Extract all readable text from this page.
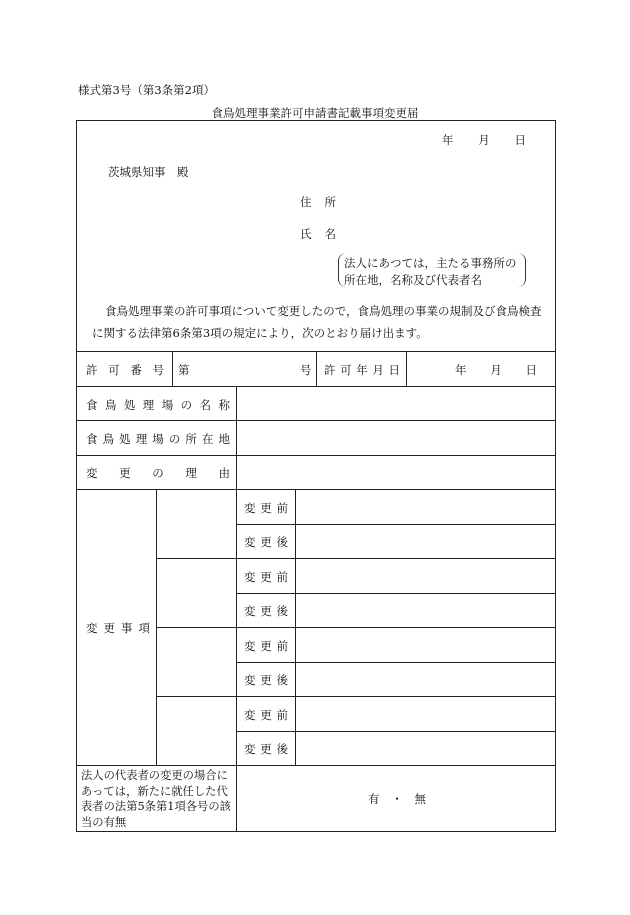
様式第3号（第3条第2項）
食鳥処理事業許可申請書記載事項変更届
年 月 日
茨城県知事　殿
住 所
氏 名
法人にあつては，主たる事務所の
所在地，名称及び代表者名
食鳥処理事業の許可事項について変更したので，食鳥処理の事業の規制及び食鳥検査に関する法律第6条第3項の規定により，次のとおり届け出ます。
許 可 番 号 第	号 許 可 年 月 日	年 月 日
食 鳥 処 理 場 の 名 称
食 鳥 処 理 場 の 所 在 地
変 更 の 理 由
変 更 事 項
変 更 前
変 更 後
変 更 前
変 更 後
変 更 前
変 更 後
変 更 前
変 更 後
法人の代表者の変更の場合にあっては，新たに就任した代表者の法第5条第1項各号の該当の有無
有 ・ 無
